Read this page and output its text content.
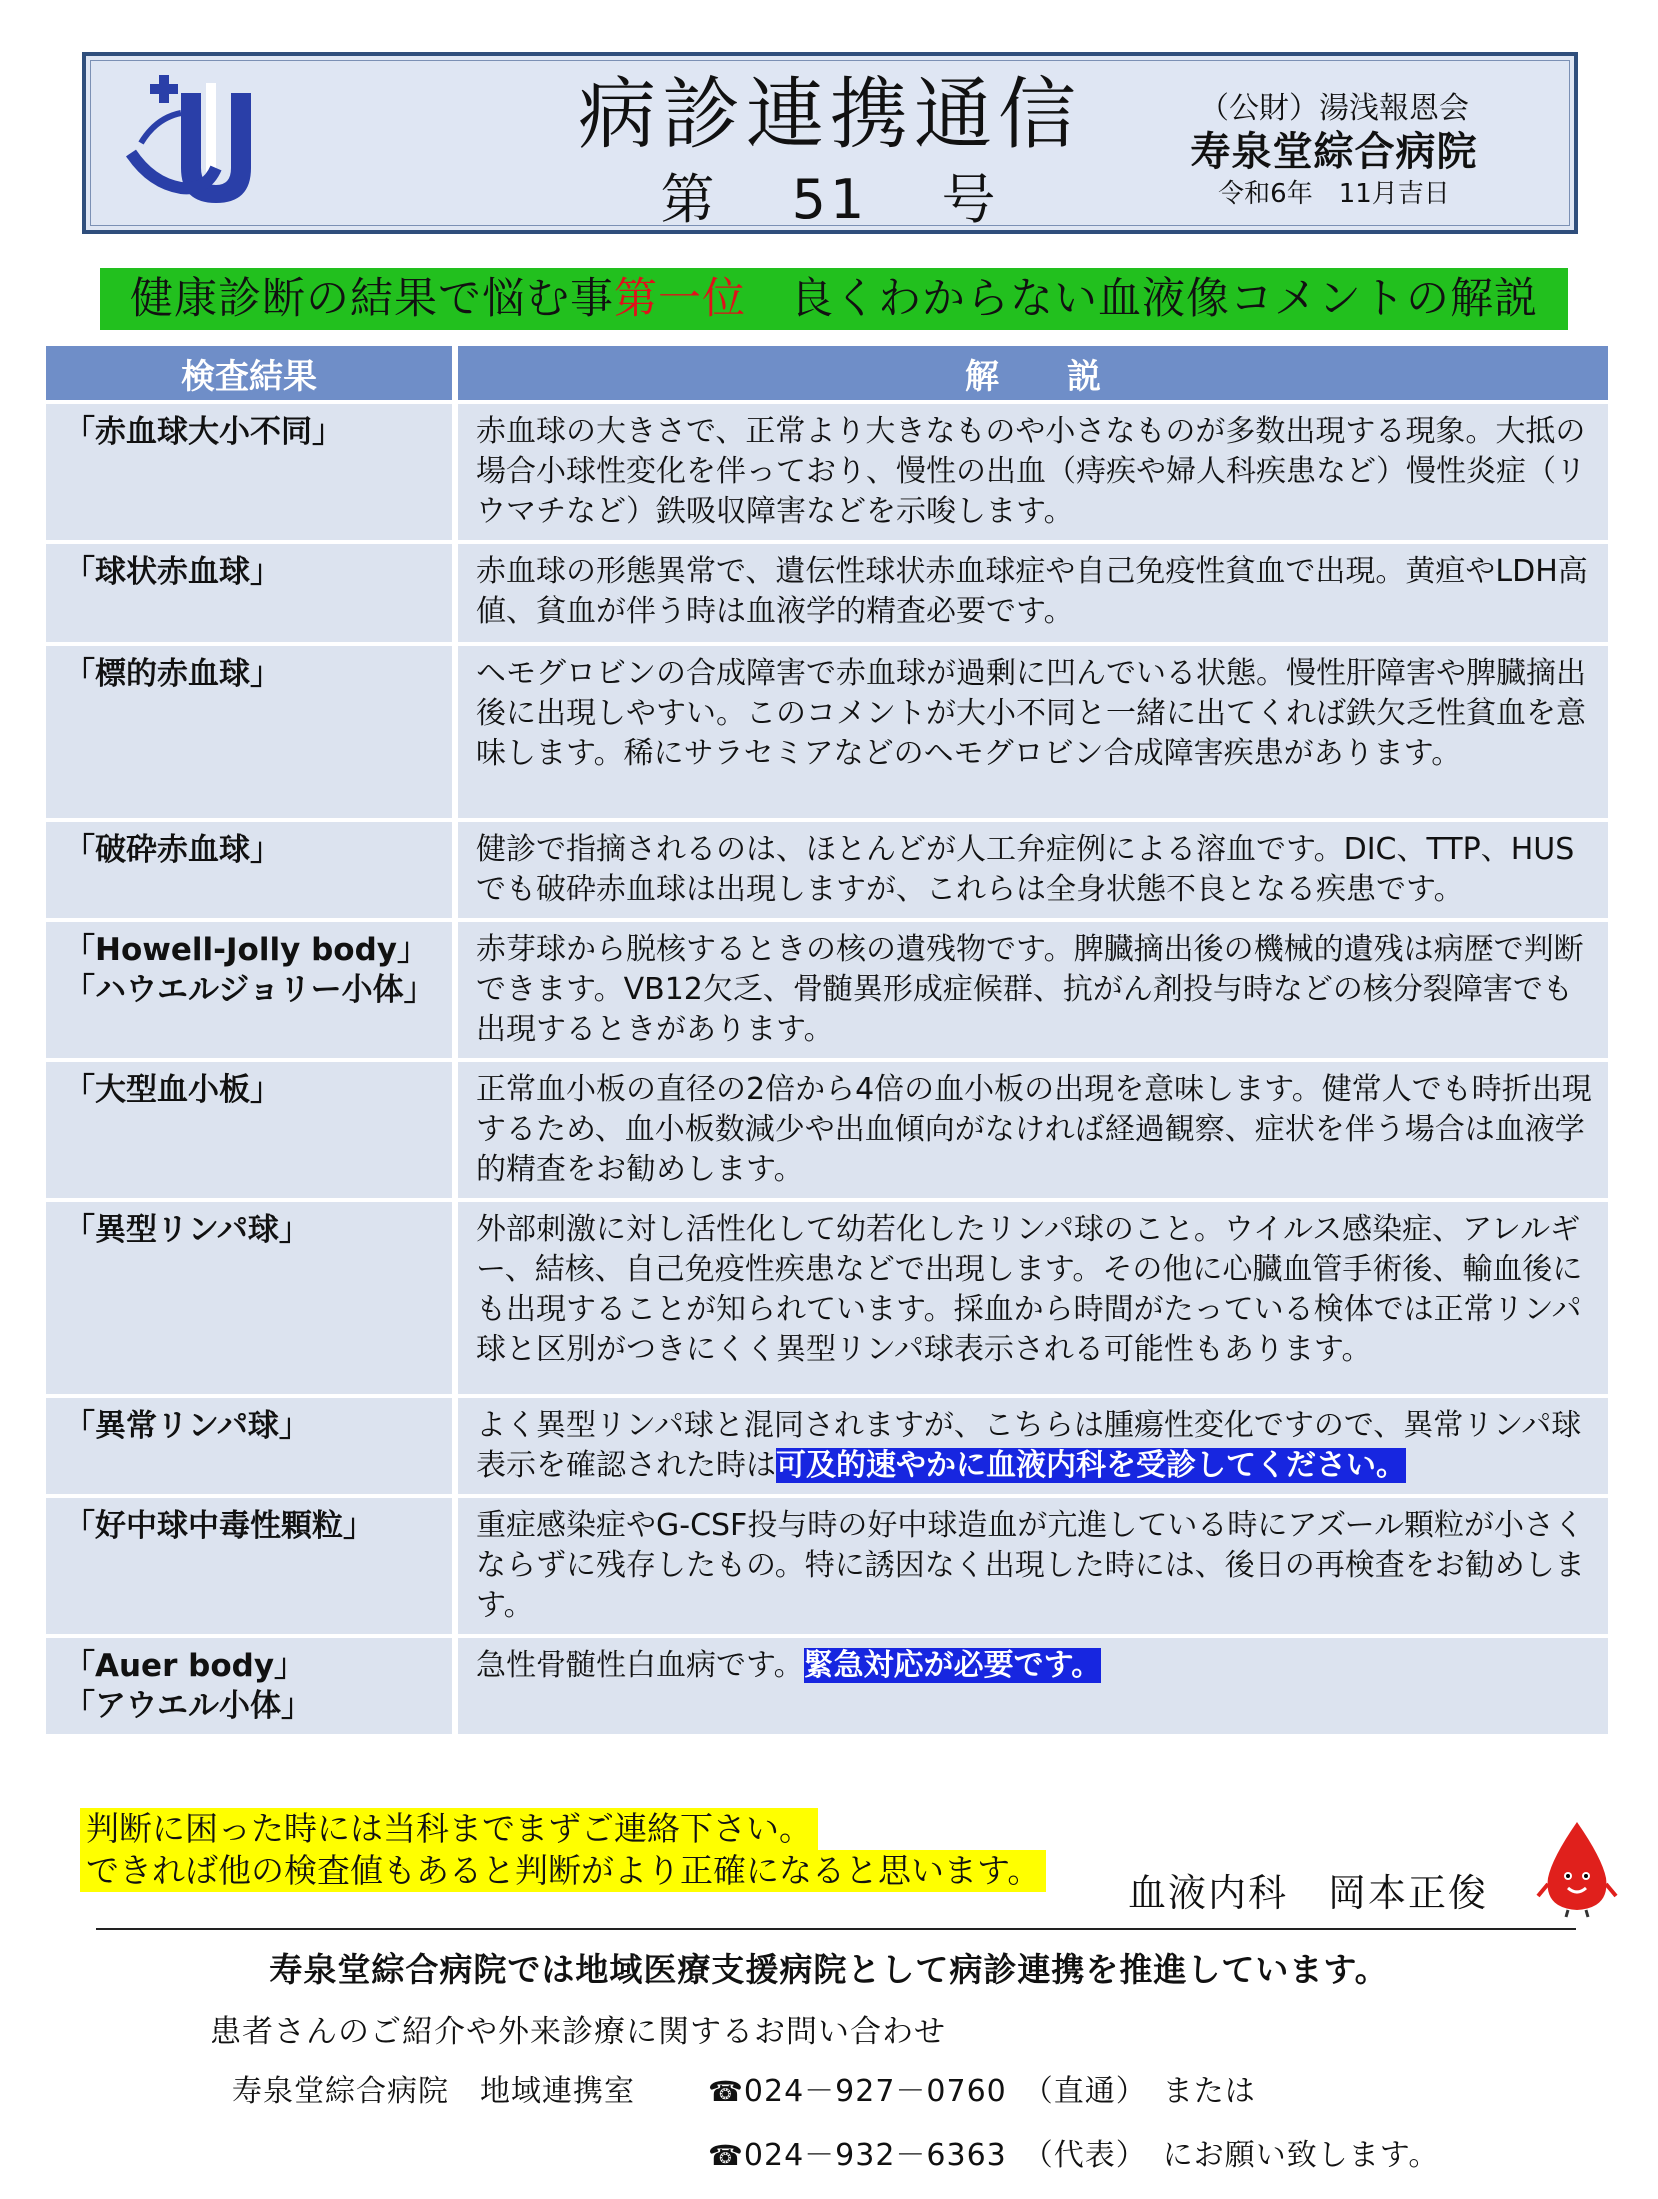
病診連携通信
第 51 号
（公財）湯浅報恩会
寿泉堂綜合病院
令和6年　11月吉日
健康診断の結果で悩む事第一位　良くわからない血液像コメントの解説
検査結果		解　　説
「赤血球大小不同」		赤血球の大きさで、正常より大きなものや小さなものが多数出現する現象。大抵の場合小球性変化を伴っており、慢性の出血（痔疾や婦人科疾患など）慢性炎症（リウマチなど）鉄吸収障害などを示唆します。
「球状赤血球」		赤血球の形態異常で、遺伝性球状赤血球症や自己免疫性貧血で出現。黄疸やLDH高値、貧血が伴う時は血液学的精査必要です。
「標的赤血球」		ヘモグロビンの合成障害で赤血球が過剰に凹んでいる状態。慢性肝障害や脾臓摘出後に出現しやすい。このコメントが大小不同と一緒に出てくれば鉄欠乏性貧血を意味します。稀にサラセミアなどのヘモグロビン合成障害疾患があります。
「破砕赤血球」		健診で指摘されるのは、ほとんどが人工弁症例による溶血です。DIC、TTP、HUSでも破砕赤血球は出現しますが、これらは全身状態不良となる疾患です。

「Howell-Jolly body」
「ハウエルジョリー小体」		赤芽球から脱核するときの核の遺残物です。脾臓摘出後の機械的遺残は病歴で判断できます。VB12欠乏、骨髄異形成症候群、抗がん剤投与時などの核分裂障害でも出現するときがあります。
「大型血小板」		正常血小板の直径の2倍から4倍の血小板の出現を意味します。健常人でも時折出現するため、血小板数減少や出血傾向がなければ経過観察、症状を伴う場合は血液学的精査をお勧めします。
「異型リンパ球」		外部刺激に対し活性化して幼若化したリンパ球のこと。ウイルス感染症、アレルギー、結核、自己免疫性疾患などで出現します。その他に心臓血管手術後、輸血後にも出現することが知られています。採血から時間がたっている検体では正常リンパ球と区別がつきにくく異型リンパ球表示される可能性もあります。
「異常リンパ球」		よく異型リンパ球と混同されますが、こちらは腫瘍性変化ですので、異常リンパ球表示を確認された時は可及的速やかに血液内科を受診してください。
「好中球中毒性顆粒」		重症感染症やG-CSF投与時の好中球造血が亢進している時にアズール顆粒が小さくならずに残存したもの。特に誘因なく出現した時には、後日の再検査をお勧めします。

「Auer body」
「アウエル小体」		急性骨髄性白血病です。緊急対応が必要です。
判断に困った時には当科までまずご連絡下さい。
できれば他の検査値もあると判断がより正確になると思います。
血液内科　岡本正俊
寿泉堂綜合病院では地域医療支援病院として病診連携を推進しています。
患者さんのご紹介や外来診療に関するお問い合わせ
寿泉堂綜合病院　地域連携室	☎024－927－0760　（直通）　または
☎024－932－6363　（代表）　にお願い致します。
